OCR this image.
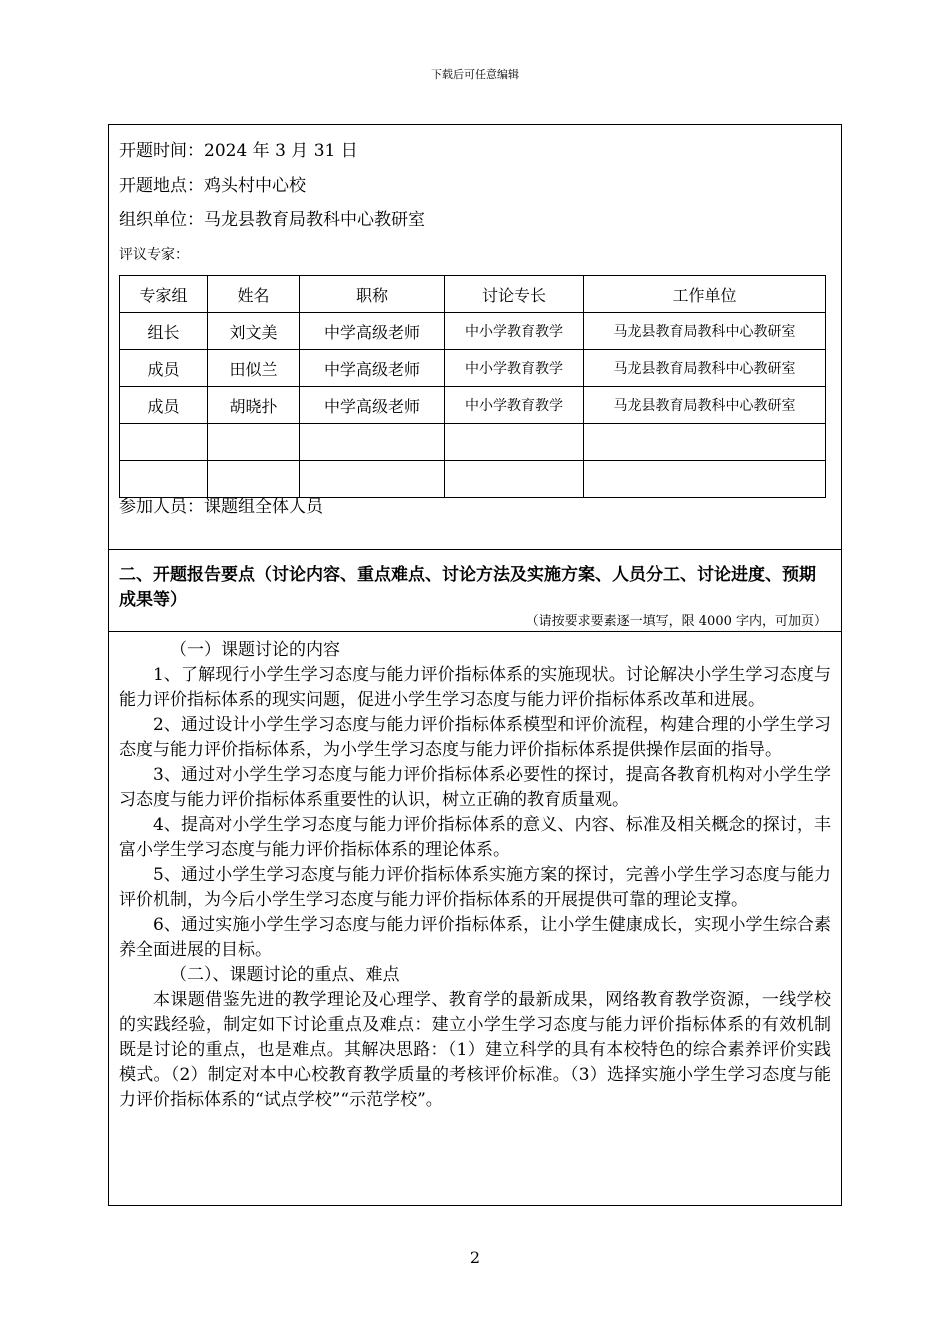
下载后可任意编辑
开题时间：2024 年 3 月 31 日
开题地点：鸡头村中心校
组织单位：马龙县教育局教科中心教研室
评议专家：
专家组	姓名	职称	讨论专长	工作单位
组长	刘文美	中学高级老师	中小学教育教学	马龙县教育局教科中心教研室
成员	田似兰	中学高级老师	中小学教育教学	马龙县教育局教科中心教研室
成员	胡晓扑	中学高级老师	中小学教育教学	马龙县教育局教科中心教研室

参加人员：课题组全体人员
二、开题报告要点（讨论内容、重点难点、讨论方法及实施方案、人员分工、讨论进度、预期成果等）
（请按要求要素逐一填写，限 4000 字内，可加页）

（一）课题讨论的内容

1、了解现行小学生学习态度与能力评价指标体系的实施现状。讨论解决小学生学习态度与能力评价指标体系的现实问题，促进小学生学习态度与能力评价指标体系改革和进展。

2、通过设计小学生学习态度与能力评价指标体系模型和评价流程，构建合理的小学生学习态度与能力评价指标体系，为小学生学习态度与能力评价指标体系提供操作层面的指导。

3、通过对小学生学习态度与能力评价指标体系必要性的探讨，提高各教育机构对小学生学习态度与能力评价指标体系重要性的认识，树立正确的教育质量观。

4、提高对小学生学习态度与能力评价指标体系的意义、内容、标准及相关概念的探讨，丰富小学生学习态度与能力评价指标体系的理论体系。

5、通过小学生学习态度与能力评价指标体系实施方案的探讨，完善小学生学习态度与能力评价机制，为今后小学生学习态度与能力评价指标体系的开展提供可靠的理论支撑。

6、通过实施小学生学习态度与能力评价指标体系，让小学生健康成长，实现小学生综合素养全面进展的目标。

（二）、课题讨论的重点、难点

本课题借鉴先进的教学理论及心理学、教育学的最新成果，网络教育教学资源，一线学校的实践经验，制定如下讨论重点及难点：建立小学生学习态度与能力评价指标体系的有效机制既是讨论的重点，也是难点。其解决思路：（1）建立科学的具有本校特色的综合素养评价实践模式。（2）制定对本中心校教育教学质量的考核评价标准。（3）选择实施小学生学习态度与能力评价指标体系的“试点学校”“示范学校”。

2
